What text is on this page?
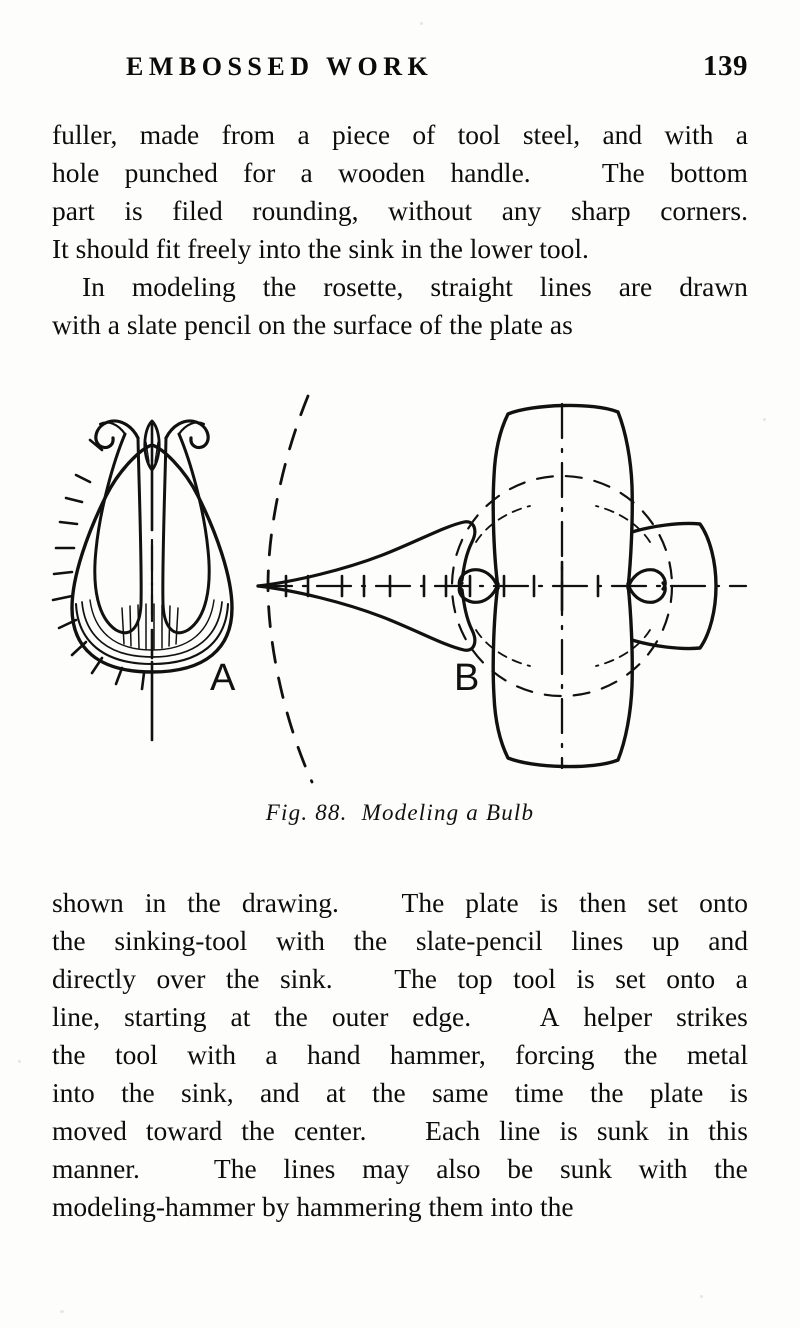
EMBOSSED WORK	139

fuller, made from a piece of tool steel, and with a
hole punched for a wooden handle.
	The bottom
part is filed rounding, without any sharp corners.
It should fit freely into the sink in the lower tool.

In modeling the rosette, straight lines are drawn
with a slate pencil on the surface of the plate as

A	B
Fig. 88. Modeling a Bulb

shown in the drawing.
The plate is then set onto
the sinking-tool with the slate-pencil lines up and
directly over the sink.
The top tool is set onto a
line, starting at the outer edge.
A helper strikes
the tool with a hand hammer, forcing the metal
into the sink, and at the same time the plate is
moved toward the center.
Each line is sunk in this
manner.
	The lines may also be sunk with the
modeling-hammer by hammering them into the
